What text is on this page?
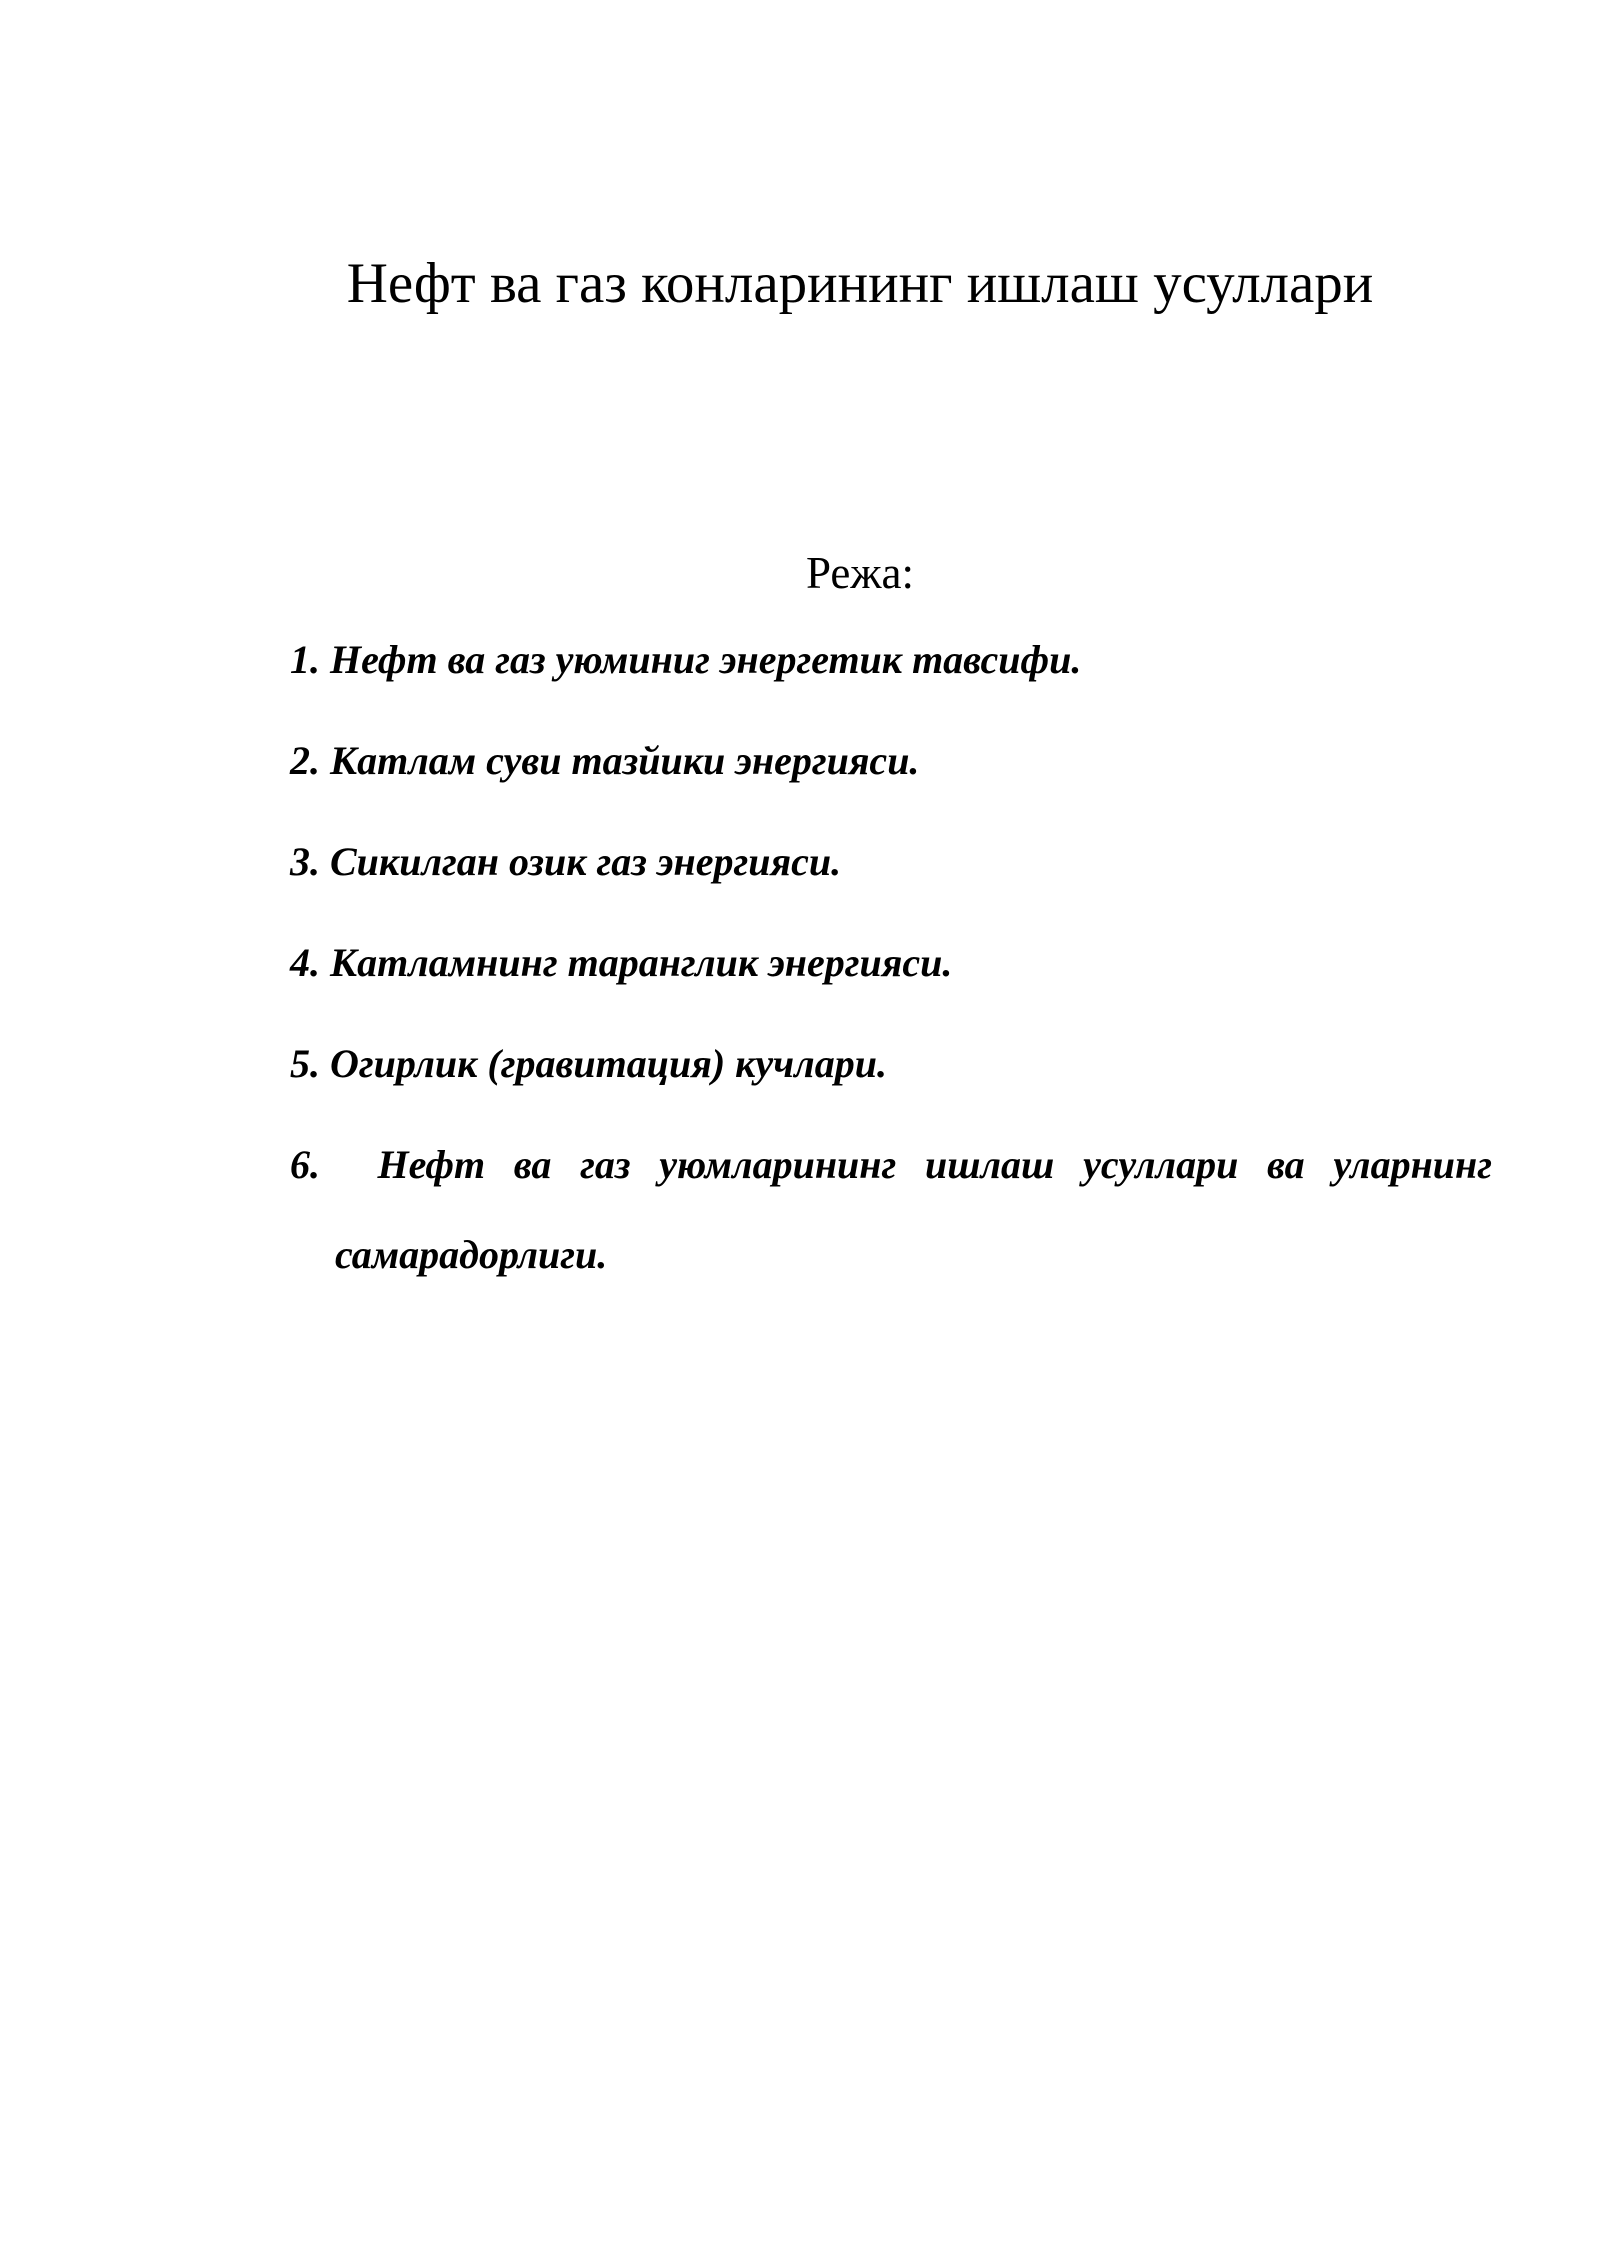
Нефт ва газ конларининг ишлаш усуллари
Режа:
1. Нефт ва газ уюминиг энергетик тавсифи.
2. Катлам суви тазйики энергияси.
3. Сикилган озик газ энергияси.
4. Катламнинг таранглик энергияси.
5. Огирлик (гравитация) кучлари.
6. Нефт ва газ уюмларининг ишлаш усуллари ва уларнинг самарадорлиги.
